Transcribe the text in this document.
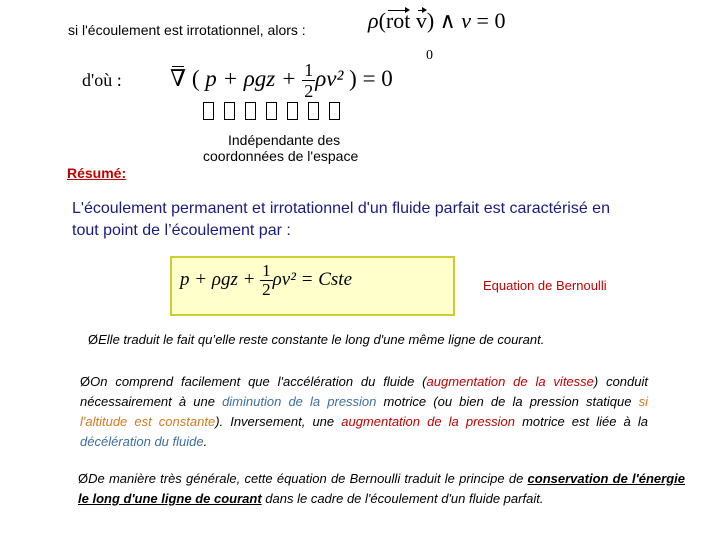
si l'écoulement est irrotationnel, alors :	ρ(rot v) ∧ v = 0
0
d'où : ∇ ( $p + \rho gz + \frac{1}{2} \rho v^2$ ) = 0
Indépendante des
coordonnées de l'espace
Résumé:
L'écoulement permanent et irrotationnel d'un fluide parfait est caractérisé en tout point de l’écoulement par :
$p + \rho gz + \frac{1}{2} \rho v^2$ = Cste	Equation de Bernoulli
ØElle traduit le fait qu’elle reste constante le long d'une même ligne de courant.
ØOn comprend facilement que l'accélération du fluide (augmentation de la vitesse) conduit nécessairement à une diminution de la pression motrice (ou bien de la pression statique si l'altitude est constante). Inversement, une augmentation de la pression motrice est liée à la décélération du fluide.
ØDe manière très générale, cette équation de Bernoulli traduit le principe de conservation de l'énergie le long d'une ligne de courant dans le cadre de l'écoulement d'un fluide parfait.
